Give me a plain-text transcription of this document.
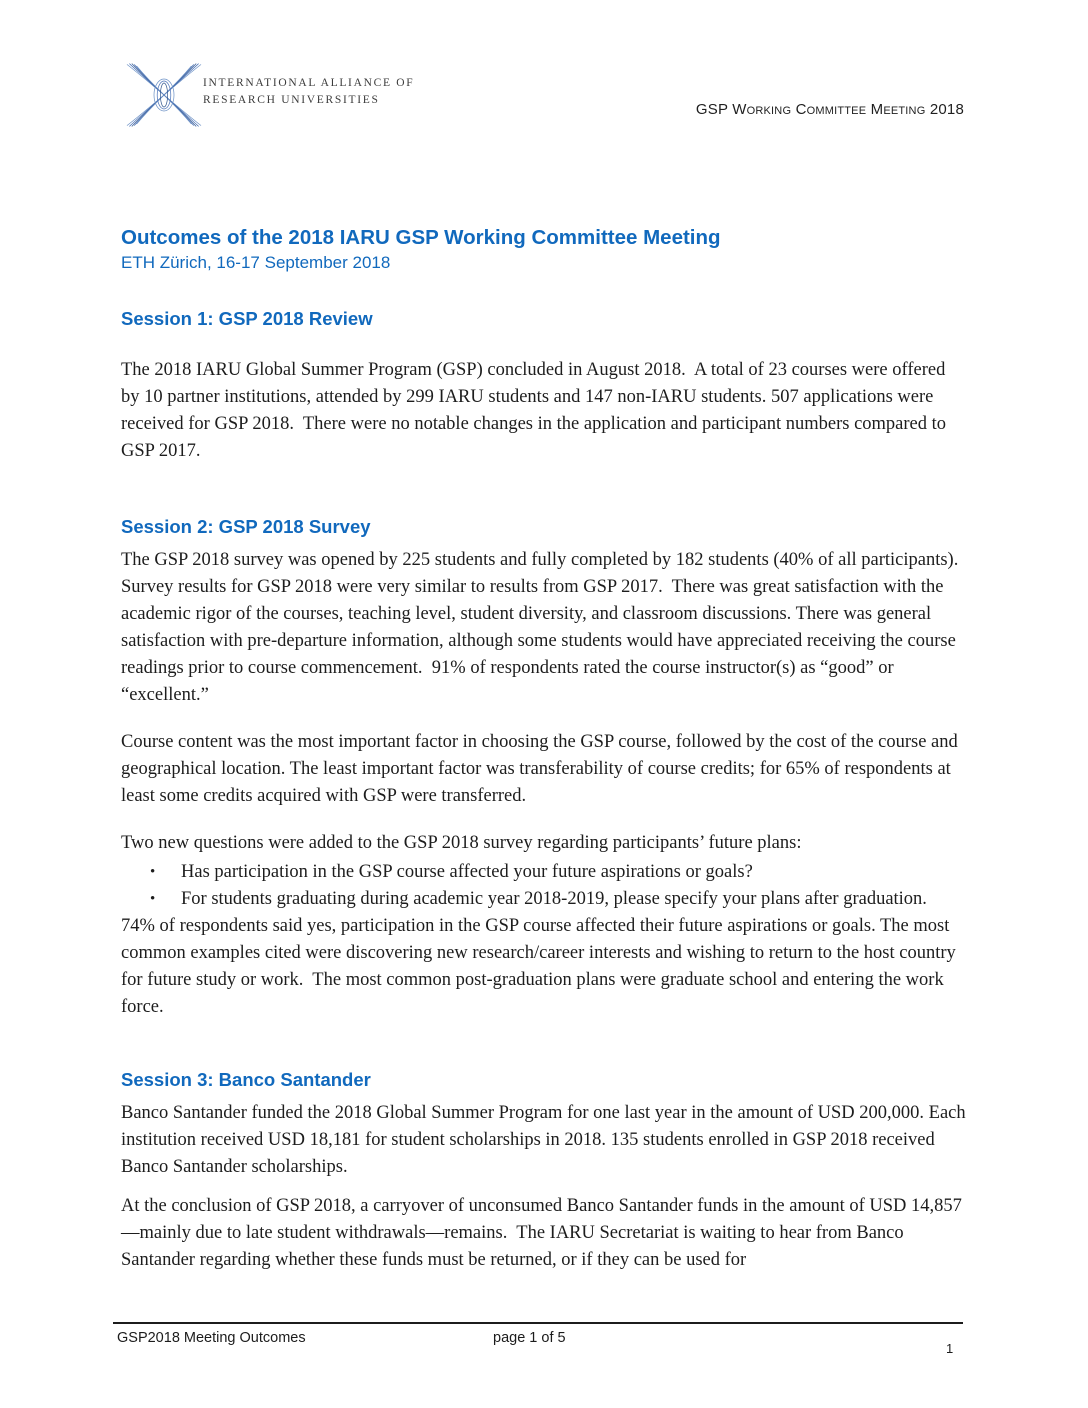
INTERNATIONAL ALLIANCE OF
RESEARCH UNIVERSITIES
GSP Working Committee Meeting 2018
Outcomes of the 2018 IARU GSP Working Committee Meeting
ETH Zürich, 16-17 September 2018
Session 1: GSP 2018 Review

The 2018 IARU Global Summer Program (GSP) concluded in August 2018.  A total of 23 courses were offered by 10 partner institutions, attended by 299 IARU students and 147 non-IARU students. 507 applications were received for GSP 2018.  There were no notable changes in the application and participant numbers compared to GSP 2017.

Session 2: GSP 2018 Survey

The GSP 2018 survey was opened by 225 students and fully completed by 182 students (40% of all participants).  Survey results for GSP 2018 were very similar to results from GSP 2017.  There was great satisfaction with the academic rigor of the courses, teaching level, student diversity, and classroom discussions. There was general satisfaction with pre-departure information, although some students would have appreciated receiving the course readings prior to course commencement.  91% of respondents rated the course instructor(s) as “good” or “excellent.”

Course content was the most important factor in choosing the GSP course, followed by the cost of the course and geographical location. The least important factor was transferability of course credits; for 65% of respondents at least some credits acquired with GSP were transferred.

Two new questions were added to the GSP 2018 survey regarding participants’ future plans:

•	Has participation in the GSP course affected your future aspirations or goals?
•	For students graduating during academic year 2018-2019, please specify your plans after graduation.

74% of respondents said yes, participation in the GSP course affected their future aspirations or goals. The most common examples cited were discovering new research/career interests and wishing to return to the host country for future study or work.  The most common post-graduation plans were graduate school and entering the work force.

Session 3: Banco Santander

Banco Santander funded the 2018 Global Summer Program for one last year in the amount of USD 200,000. Each institution received USD 18,181 for student scholarships in 2018. 135 students enrolled in GSP 2018 received Banco Santander scholarships.

At the conclusion of GSP 2018, a carryover of unconsumed Banco Santander funds in the amount of USD 14,857—mainly due to late student withdrawals—remains.  The IARU Secretariat is waiting to hear from Banco Santander regarding whether these funds must be returned, or if they can be used for

GSP2018 Meeting Outcomes	page 1 of 5
1
